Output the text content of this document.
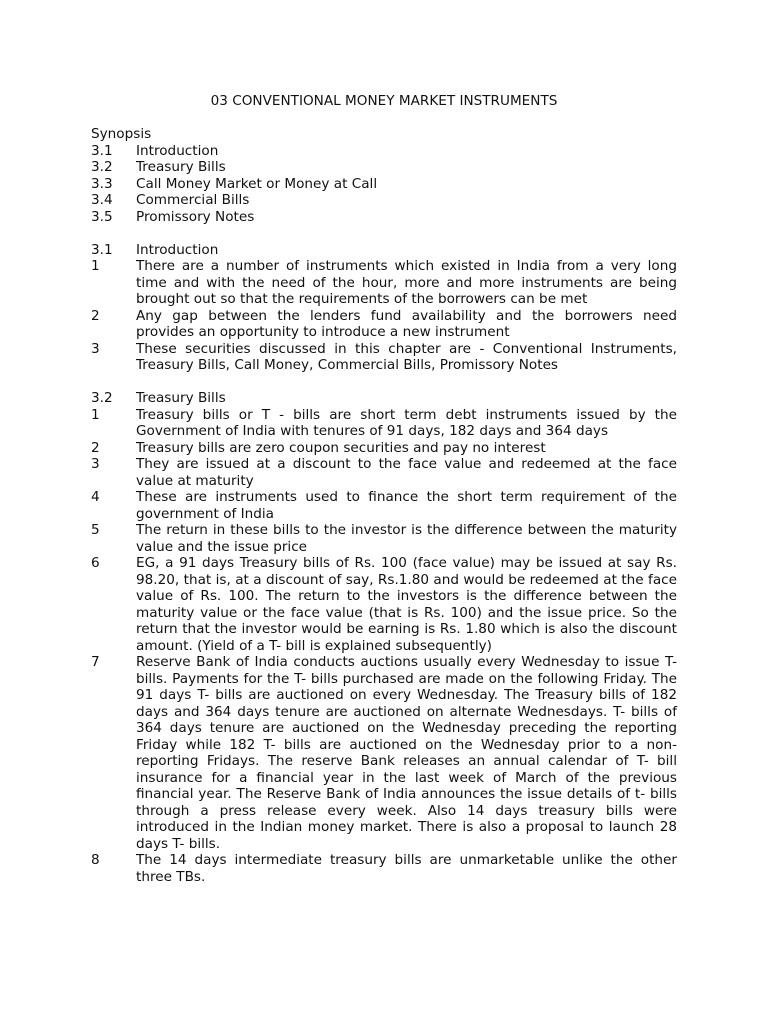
03 CONVENTIONAL MONEY MARKET INSTRUMENTS

Synopsis

3.1	Introduction
3.2	Treasury Bills
3.3	Call Money Market or Money at Call
3.4	Commercial Bills
3.5	Promissory Notes
3.1	Introduction
1	There are a number of instruments which existed in India from a very long time and with the need of the hour, more and more instruments are being brought out so that the requirements of the borrowers can be met
2	Any gap between the lenders fund availability and the borrowers need provides an opportunity to introduce a new instrument
3	These securities discussed in this chapter are - Conventional Instruments, Treasury Bills, Call Money, Commercial Bills, Promissory Notes
3.2	Treasury Bills
1	Treasury bills or T - bills are short term debt instruments issued by the Government of India with tenures of 91 days, 182 days and 364 days
2	Treasury bills are zero coupon securities and pay no interest
3	They are issued at a discount to the face value and redeemed at the face value at maturity
4	These are instruments used to finance the short term requirement of the government of India
5	The return in these bills to the investor is the difference between the maturity value and the issue price
6	EG, a 91 days Treasury bills of Rs. 100 (face value) may be issued at say Rs. 98.20, that is, at a discount of say, Rs.1.80 and would be redeemed at the face value of Rs. 100. The return to the investors is the difference between the maturity value or the face value (that is Rs. 100) and the issue price. So the return that the investor would be earning is Rs. 1.80 which is also the discount amount. (Yield of a T- bill is explained subsequently)
7	Reserve Bank of India conducts auctions usually every Wednesday to issue T- bills. Payments for the T- bills purchased are made on the following Friday. The 91 days T- bills are auctioned on every Wednesday. The Treasury bills of 182 days and 364 days tenure are auctioned on alternate Wednesdays. T- bills of 364 days tenure are auctioned on the Wednesday preceding the reporting Friday while 182 T- bills are auctioned on the Wednesday prior to a non- reporting Fridays. The reserve Bank releases an annual calendar of T- bill insurance for a financial year in the last week of March of the previous financial year. The Reserve Bank of India announces the issue details of t- bills through a press release every week. Also 14 days treasury bills were introduced in the Indian money market. There is also a proposal to launch 28 days T- bills.
8	The 14 days intermediate treasury bills are unmarketable unlike the other three TBs.
